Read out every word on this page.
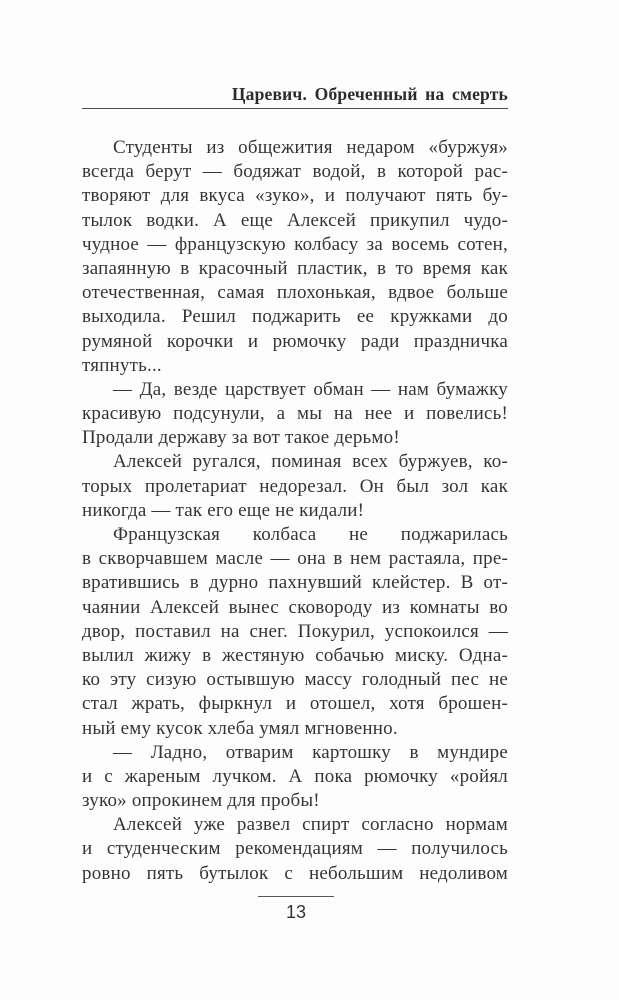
Царевич. Обреченный на смерть
Студенты из общежития недаром «буржуя»
всегда берут — бодяжат водой, в которой рас-
творяют для вкуса «зуко», и получают пять бу-
тылок водки. А еще Алексей прикупил чудо-
чудное — французскую колбасу за восемь сотен,
запаянную в красочный пластик, в то время как
отечественная, самая плохонькая, вдвое больше
выходила. Решил поджарить ее кружками до
румяной корочки и рюмочку ради праздничка
тяпнуть...
— Да, везде царствует обман — нам бумажку
красивую подсунули, а мы на нее и повелись!
Продали державу за вот такое дерьмо!
Алексей ругался, поминая всех буржуев, ко-
торых пролетариат недорезал. Он был зол как
никогда — так его еще не кидали!
Французская колбаса не поджарилась
в скворчавшем масле — она в нем растаяла, пре-
вратившись в дурно пахнувший клейстер. В от-
чаянии Алексей вынес сковороду из комнаты во
двор, поставил на снег. Покурил, успокоился —
вылил жижу в жестяную собачью миску. Одна-
ко эту сизую остывшую массу голодный пес не
стал жрать, фыркнул и отошел, хотя брошен-
ный ему кусок хлеба умял мгновенно.
— Ладно, отварим картошку в мундире
и с жареным лучком. А пока рюмочку «ройял
зуко» опрокинем для пробы!
Алексей уже развел спирт согласно нормам
и студенческим рекомендациям — получилось
ровно пять бутылок с небольшим недоливом
13
